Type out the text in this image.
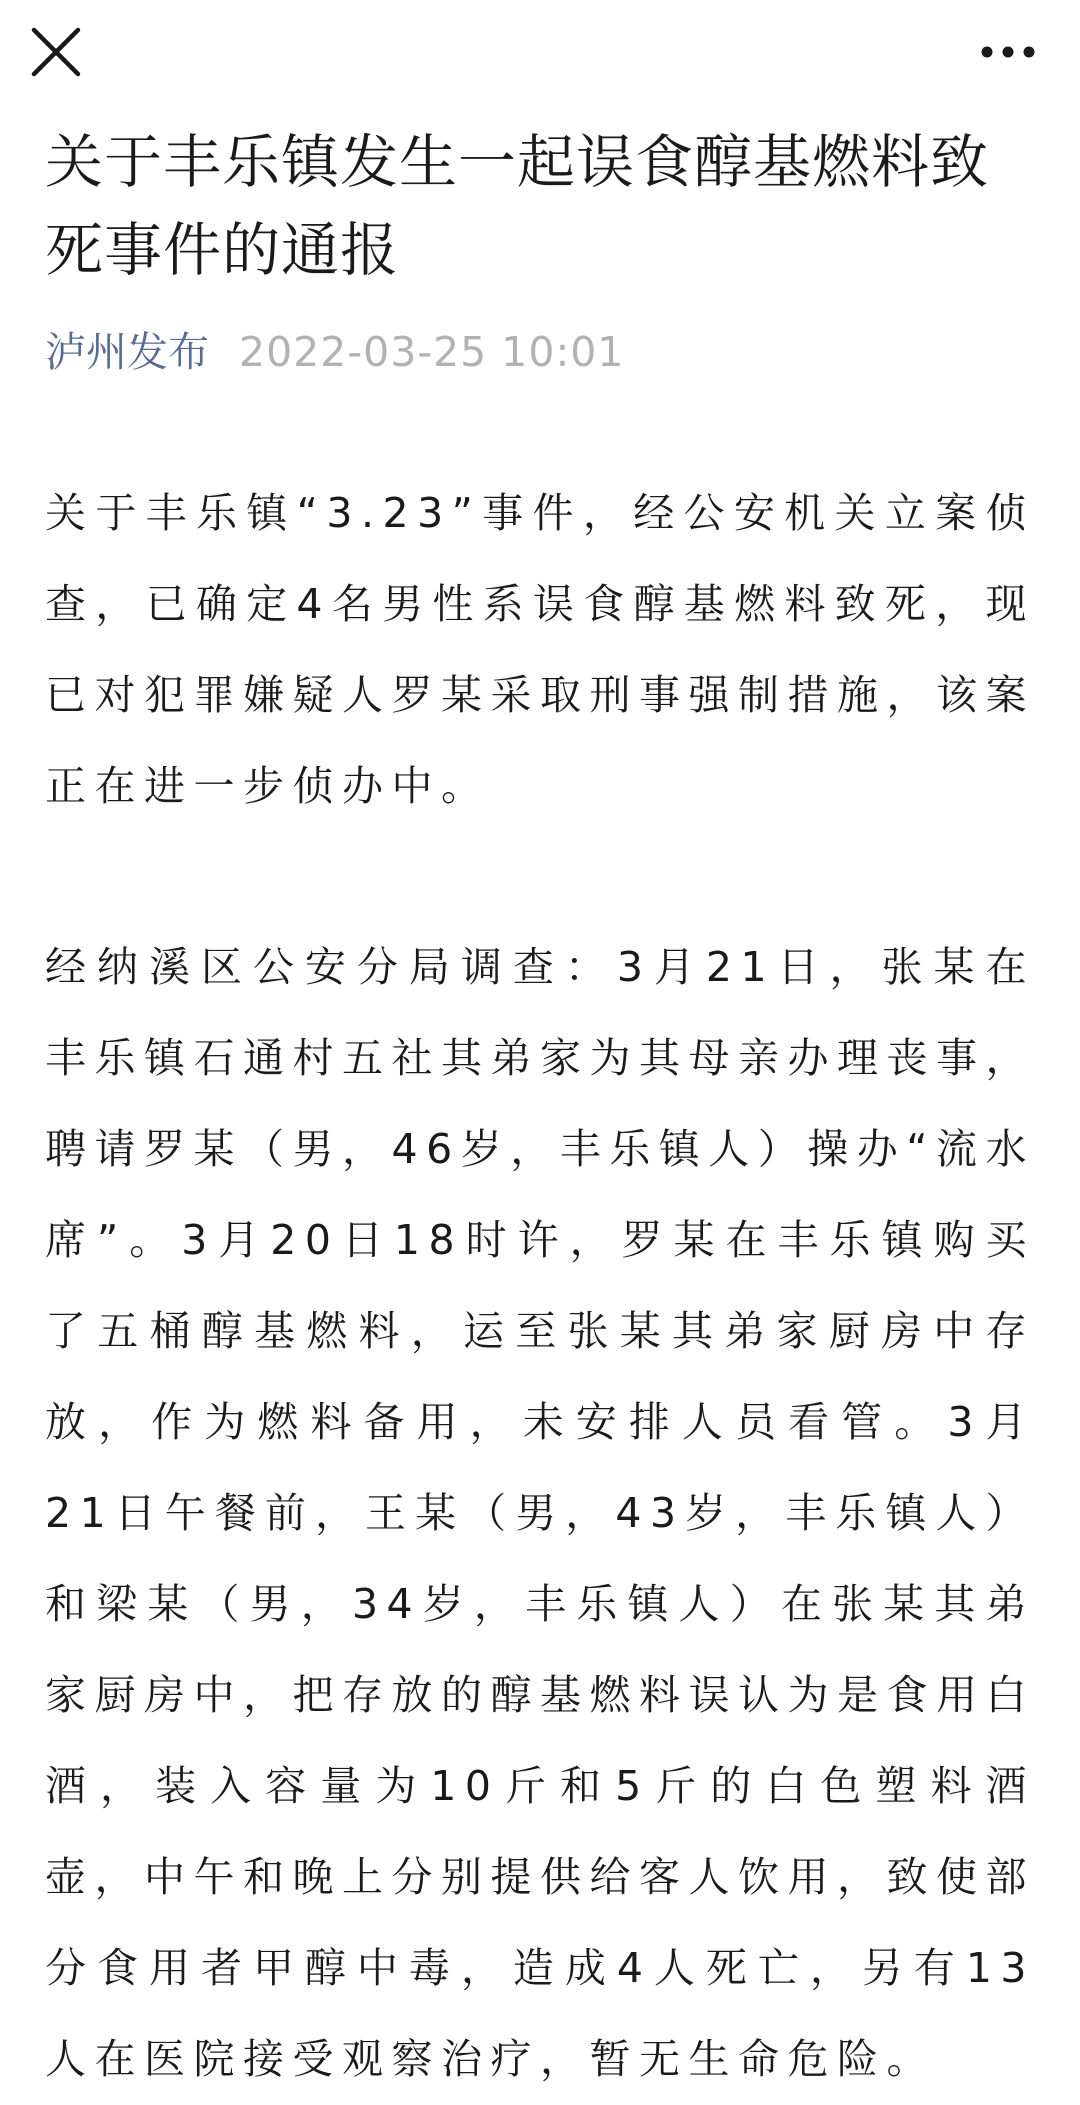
关于丰乐镇发生一起误食醇基燃料致死事件的通报
泸州发布 2022-03-25 10:01

关于丰乐镇“3.23”事件，经公安机关立案侦查，已确定4名男性系误食醇基燃料致死，现已对犯罪嫌疑人罗某采取刑事强制措施，该案正在进一步侦办中。

经纳溪区公安分局调查：3月21日，张某在丰乐镇石通村五社其弟家为其母亲办理丧事，聘请罗某（男，46岁，丰乐镇人）操办“流水席”。3月20日18时许，罗某在丰乐镇购买了五桶醇基燃料，运至张某其弟家厨房中存放，作为燃料备用，未安排人员看管。3月21日午餐前，王某（男，43岁，丰乐镇人）和梁某（男，34岁，丰乐镇人）在张某其弟家厨房中，把存放的醇基燃料误认为是食用白酒，装入容量为10斤和5斤的白色塑料酒壶，中午和晚上分别提供给客人饮用，致使部分食用者甲醇中毒，造成4人死亡，另有13人在医院接受观察治疗，暂无生命危险。
